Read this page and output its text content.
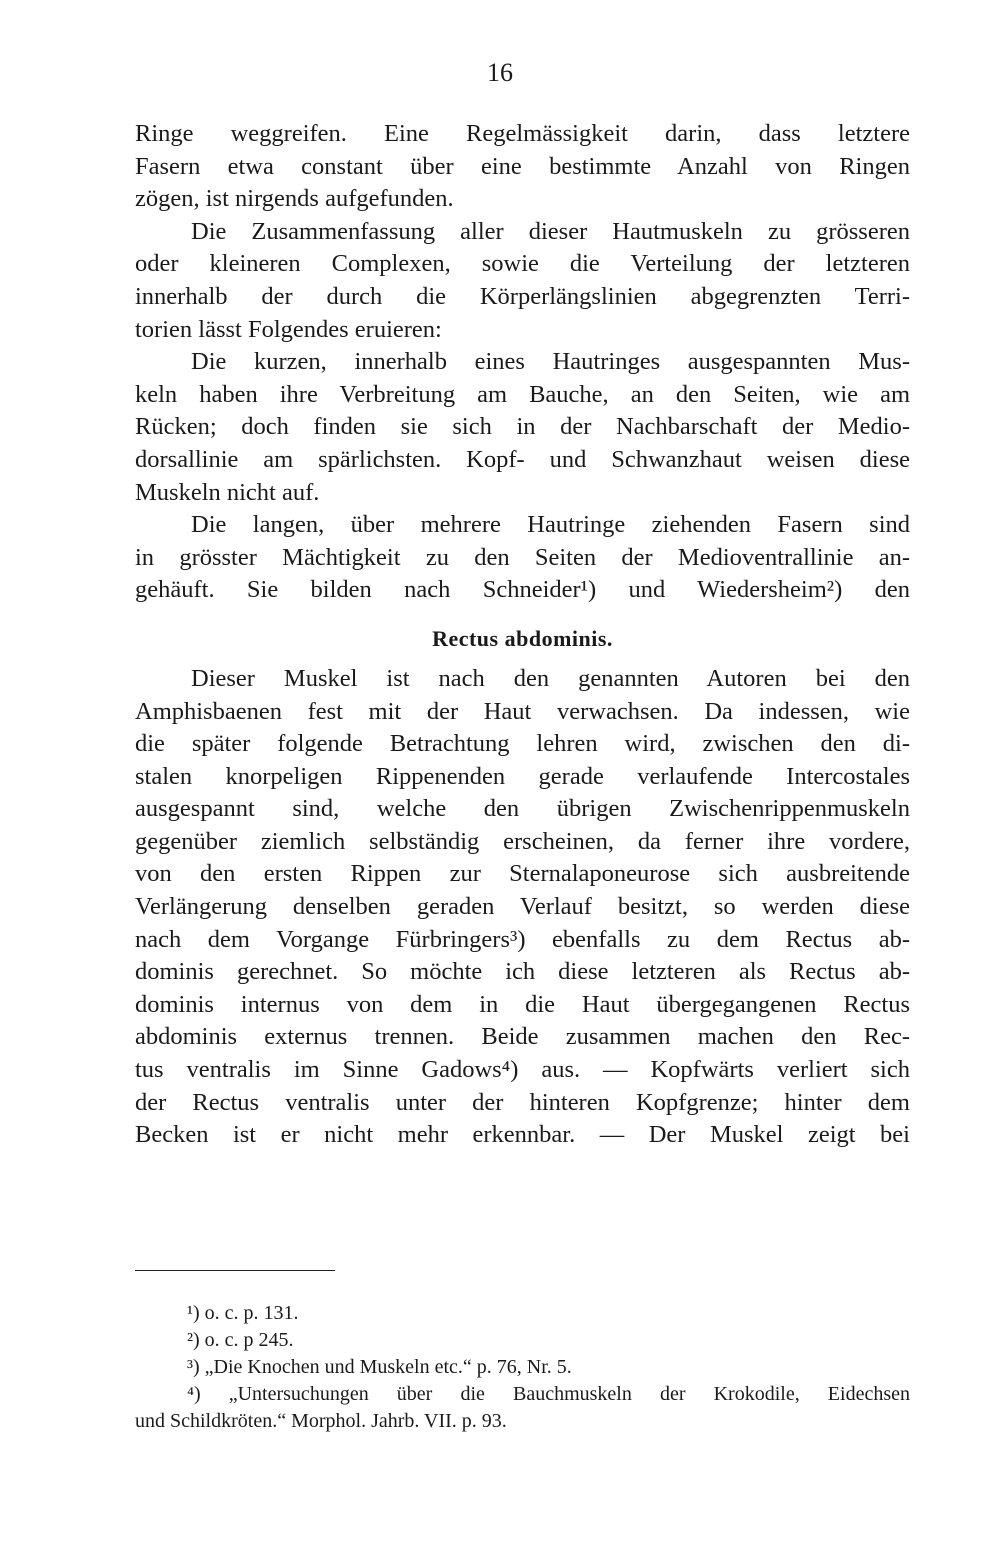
16
Ringe weggreifen. Eine Regelmässigkeit darin, dass letztere
Fasern etwa constant über eine bestimmte Anzahl von Ringen
zögen, ist nirgends aufgefunden.
Die Zusammenfassung aller dieser Hautmuskeln zu grösseren
oder kleineren Complexen, sowie die Verteilung der letzteren
innerhalb der durch die Körperlängslinien abgegrenzten Terri-
torien lässt Folgendes eruieren:
Die kurzen, innerhalb eines Hautringes ausgespannten Mus-
keln haben ihre Verbreitung am Bauche, an den Seiten, wie am
Rücken; doch finden sie sich in der Nachbarschaft der Medio-
dorsallinie am spärlichsten. Kopf- und Schwanzhaut weisen diese
Muskeln nicht auf.
Die langen, über mehrere Hautringe ziehenden Fasern sind
in grösster Mächtigkeit zu den Seiten der Medioventrallinie an-
gehäuft. Sie bilden nach Schneider¹) und Wiedersheim²) den
Rectus abdominis.
Dieser Muskel ist nach den genannten Autoren bei den
Amphisbaenen fest mit der Haut verwachsen. Da indessen, wie
die später folgende Betrachtung lehren wird, zwischen den di-
stalen knorpeligen Rippenenden gerade verlaufende Intercostales
ausgespannt sind, welche den übrigen Zwischenrippenmuskeln
gegenüber ziemlich selbständig erscheinen, da ferner ihre vordere,
von den ersten Rippen zur Sternalaponeurose sich ausbreitende
Verlängerung denselben geraden Verlauf besitzt, so werden diese
nach dem Vorgange Fürbringers³) ebenfalls zu dem Rectus ab-
dominis gerechnet. So möchte ich diese letzteren als Rectus ab-
dominis internus von dem in die Haut übergegangenen Rectus
abdominis externus trennen. Beide zusammen machen den Rec-
tus ventralis im Sinne Gadows⁴) aus. — Kopfwärts verliert sich
der Rectus ventralis unter der hinteren Kopfgrenze; hinter dem
Becken ist er nicht mehr erkennbar. — Der Muskel zeigt bei
¹) o. c. p. 131.
²) o. c. p 245.
³) „Die Knochen und Muskeln etc.“ p. 76, Nr. 5.
⁴) „Untersuchungen über die Bauchmuskeln der Krokodile, Eidechsen
und Schildkröten.“ Morphol. Jahrb. VII. p. 93.
